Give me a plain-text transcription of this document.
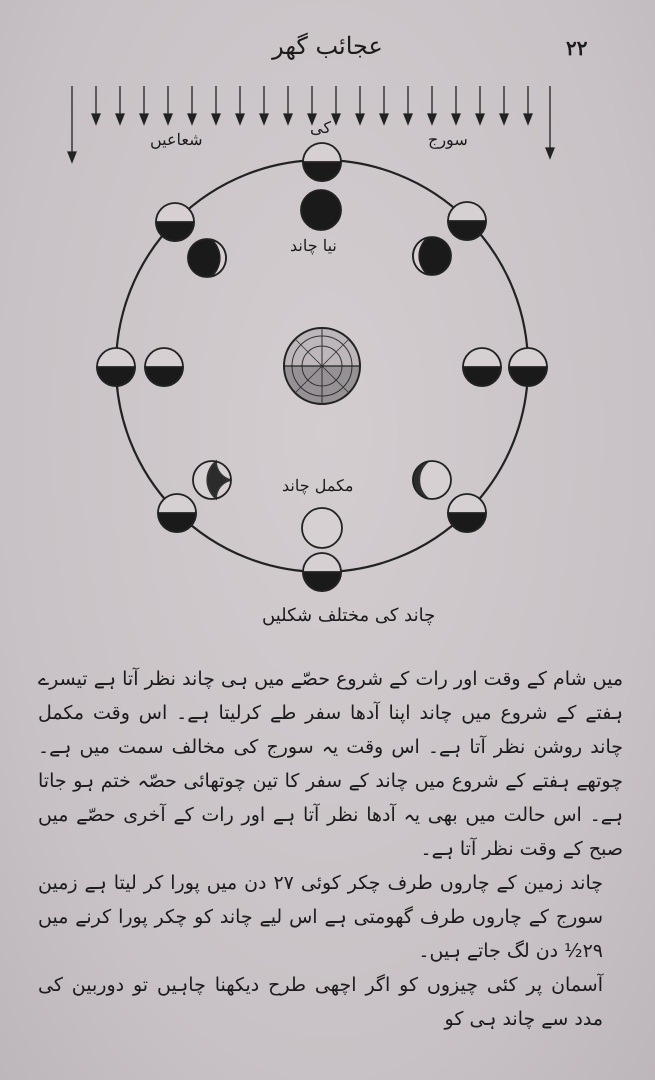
عجائب گھر	۲۲
شعاعیں
کی
سورج
نیا چاند
مکمل چاند
چاند کی مختلف شکلیں

میں شام کے وقت اور رات کے شروع حصّے میں ہی چاند نظر آتا ہے تیسرے ہفتے کے شروع میں چاند اپنا آدھا سفر طے کرلیتا ہے۔ اس وقت مکمل چاند روشن نظر آتا ہے۔ اس وقت یہ سورج کی مخالف سمت میں ہے۔ چوتھے ہفتے کے شروع میں چاند کے سفر کا تین چوتھائی حصّہ ختم ہو جاتا ہے۔ اس حالت میں بھی یہ آدھا نظر آتا ہے اور رات کے آخری حصّے میں صبح کے وقت نظر آتا ہے۔

چاند زمین کے چاروں طرف چکر کوئی ۲۷ دن میں پورا کر لیتا ہے زمین سورج کے چاروں طرف گھومتی ہے اس لیے چاند کو چکر پورا کرنے میں ۲۹½ دن لگ جاتے ہیں۔

آسمان پر کئی چیزوں کو اگر اچھی طرح دیکھنا چاہیں تو دوربین کی مدد سے چاند ہی کو
